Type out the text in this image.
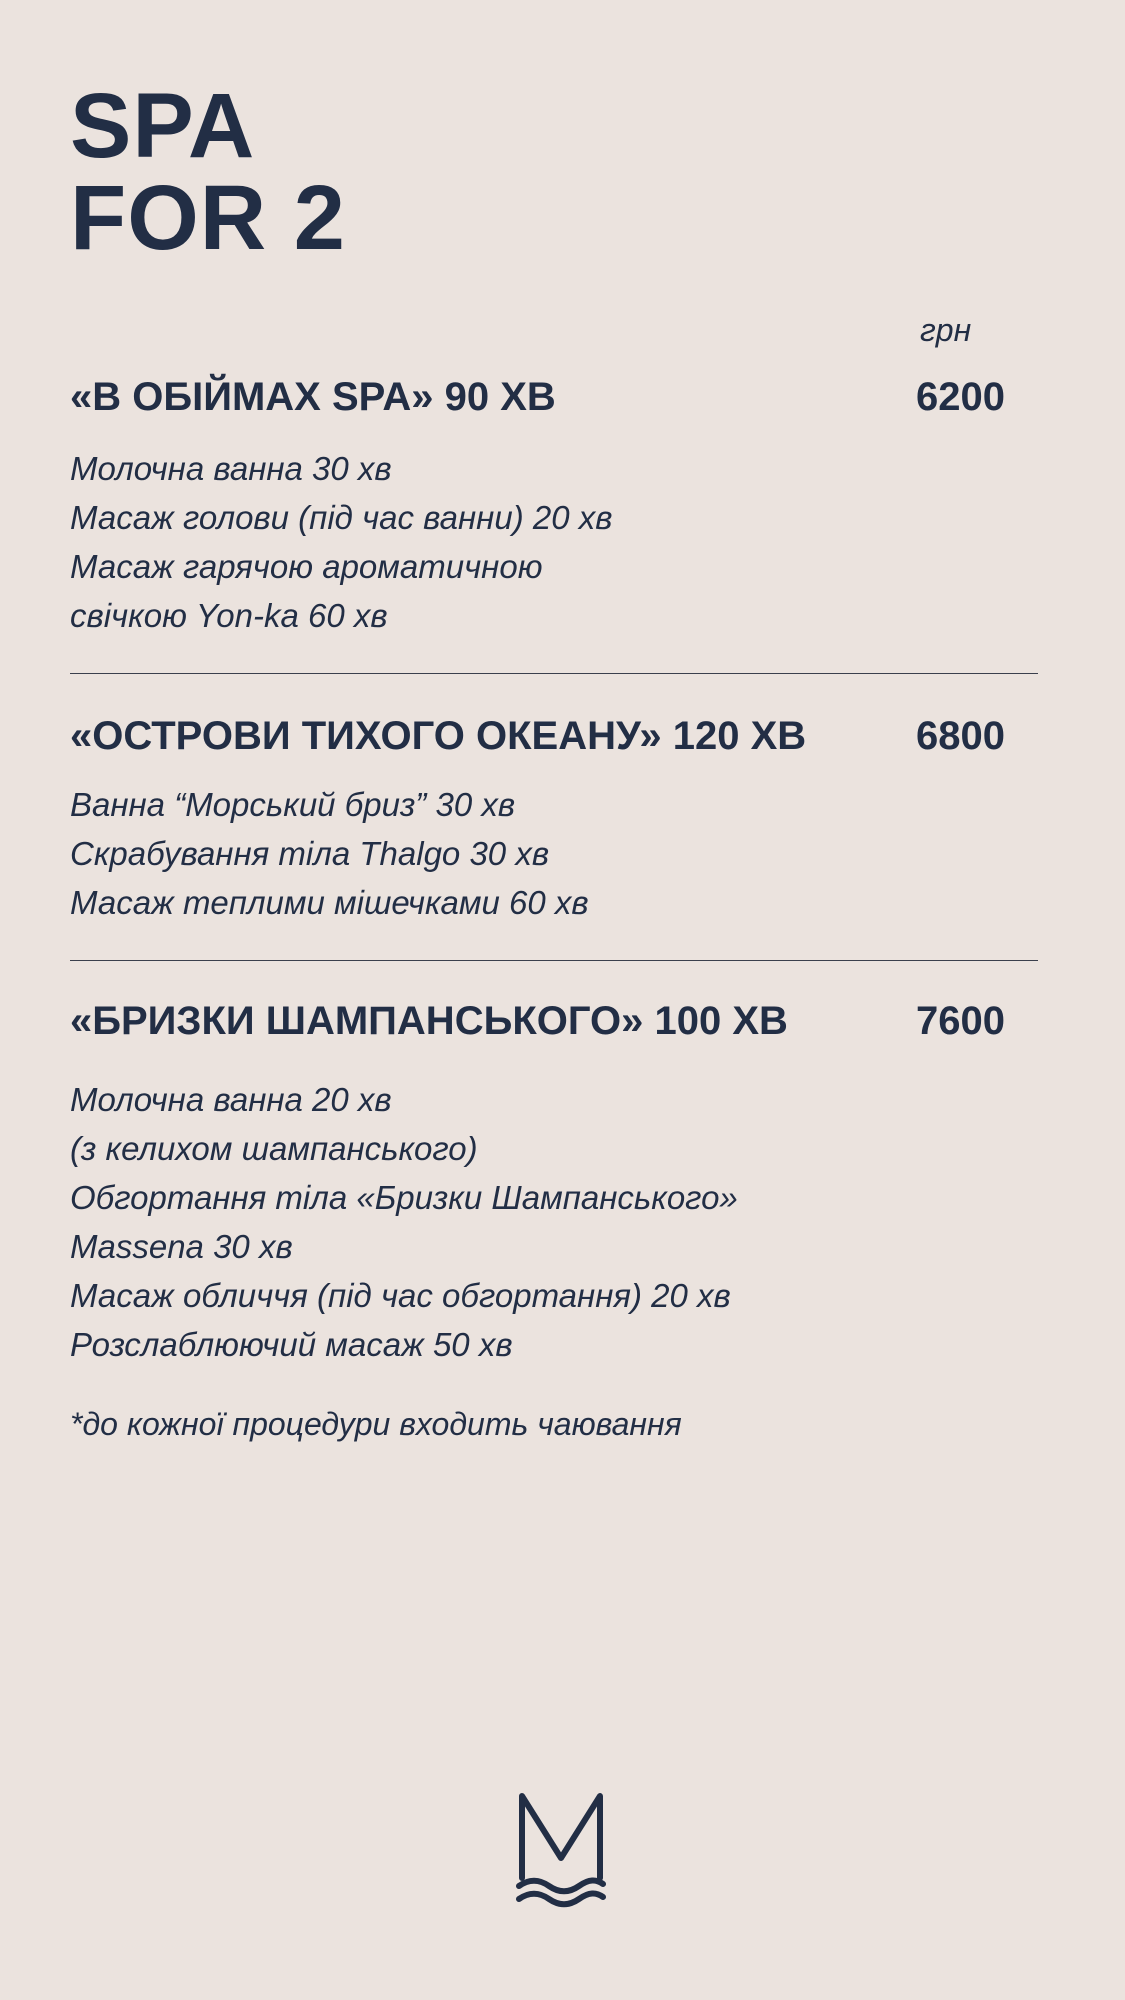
SPA
FOR 2
грн
«В ОБІЙМАХ SPA» 90 ХВ	6200
Молочна ванна 30 хв
Масаж голови (під час ванни) 20 хв
Масаж гарячою ароматичною
свічкою Yon-ka 60 хв
«ОСТРОВИ ТИХОГО ОКЕАНУ» 120 ХВ	6800
Ванна “Морський бриз” 30 хв
Скрабування тіла Thalgo 30 хв
Масаж теплими мішечками 60 хв
«БРИЗКИ ШАМПАНСЬКОГО» 100 ХВ	7600
Молочна ванна 20 хв
(з келихом шампанського)
Обгортання тіла «Бризки Шампанського»
Massena 30 хв
Масаж обличчя (під час обгортання) 20 хв
Розслаблюючий масаж 50 хв
*до кожної процедури входить чаювання
